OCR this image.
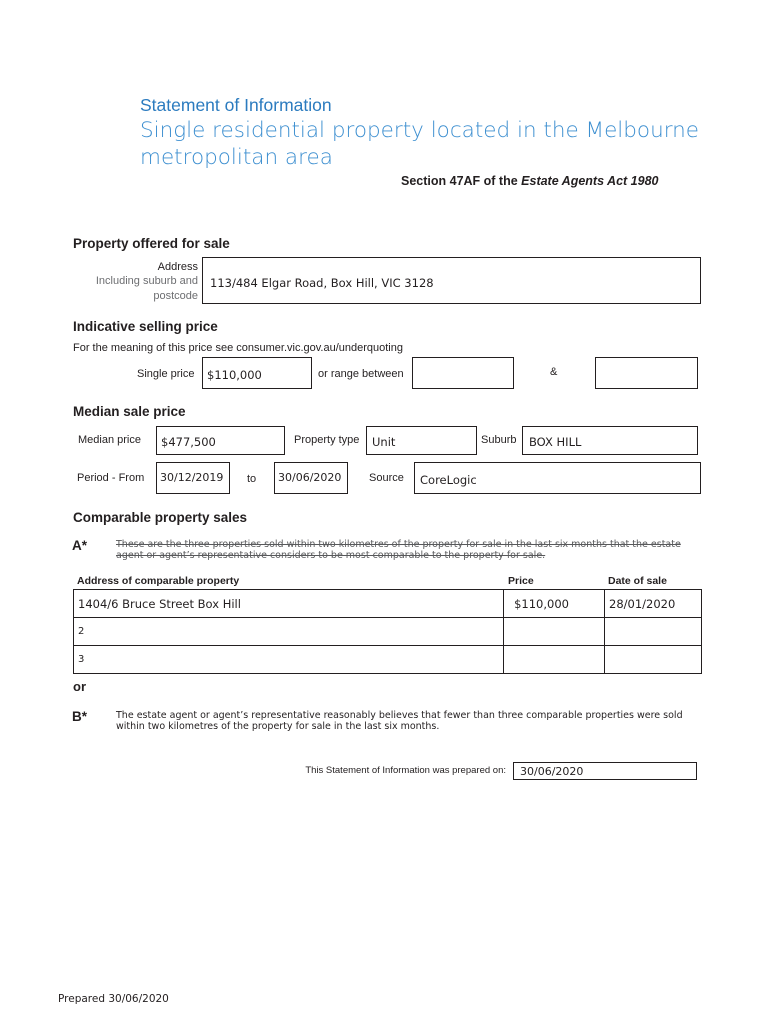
Statement of Information
Single residential property located in the Melbourne metropolitan area
Section 47AF of the Estate Agents Act 1980
Property offered for sale
Address
Including suburb and
postcode
113/484 Elgar Road, Box Hill, VIC 3128
Indicative selling price
For the meaning of this price see consumer.vic.gov.au/underquoting
Single price $110,000	or range between	&
Median sale price
Median price $477,500	Property type Unit	Suburb BOX HILL
Period - From 30/12/2019 to 30/06/2020	Source CoreLogic
Comparable property sales
A*	These are the three properties sold within two kilometres of the property for sale in the last six months that the estate agent or agent’s representative considers to be most comparable to the property for sale.
Address of comparable property	Price	Date of sale
1404/6 Bruce Street Box Hill	$110,000	28/01/2020
2		
3		
or
B*	The estate agent or agent’s representative reasonably believes that fewer than three comparable properties were sold within two kilometres of the property for sale in the last six months.
This Statement of Information was prepared on: 30/06/2020
Prepared 30/06/2020
